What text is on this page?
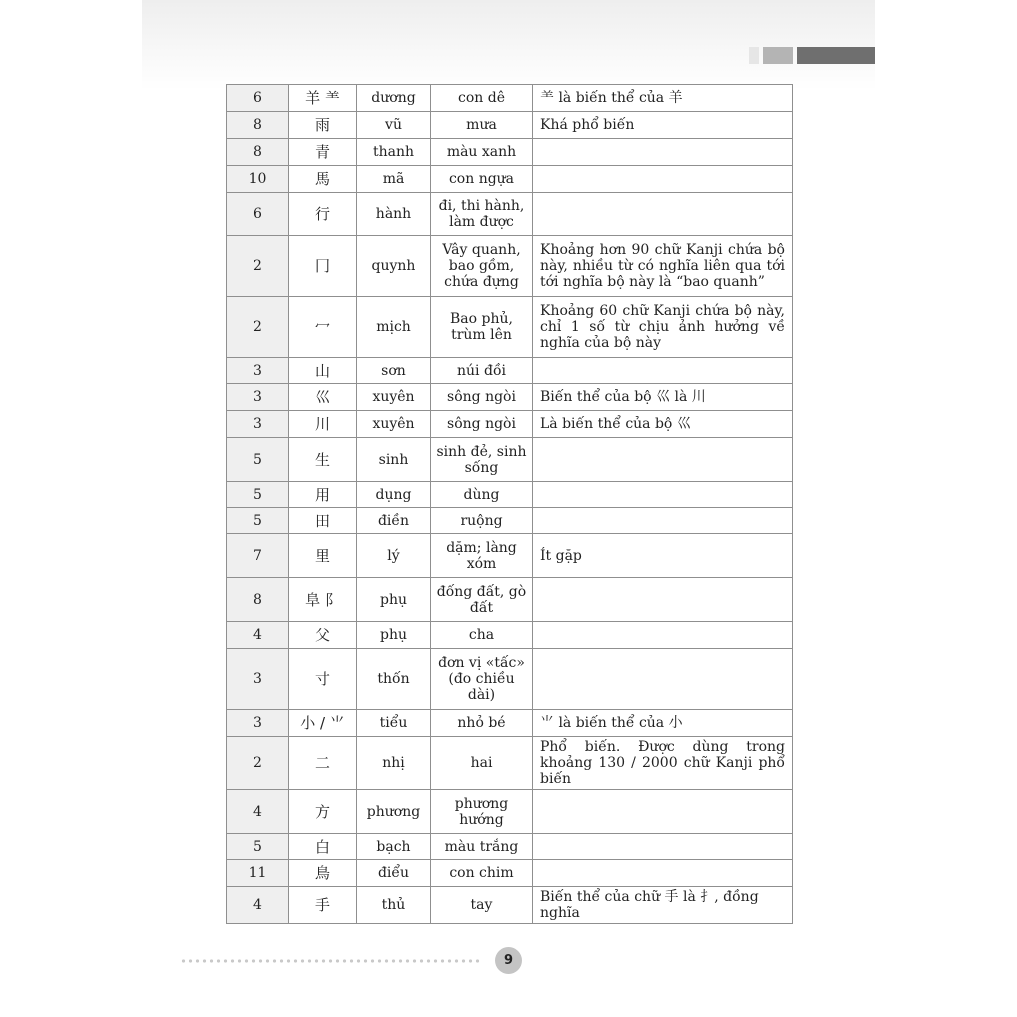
6	羊 ⺷	dương	con dê	⺷ là biến thể của 羊
8	雨	vũ	mưa	Khá phổ biến
8	青	thanh	màu xanh	
10	馬	mã	con ngựa	
6	行	hành	đi, thi hành, làm được	
2	冂	quynh	Vây quanh, bao gồm, chứa đựng	Khoảng hơn 90 chữ Kanji chứa bộ này, nhiều từ có nghĩa liên qua tới tới nghĩa bộ này là “bao quanh”
2	冖	mịch	Bao phủ, trùm lên	Khoảng 60 chữ Kanji chứa bộ này, chỉ 1 số từ chịu ảnh hưởng về nghĩa của bộ này
3	山	sơn	núi đồi	
3	巛	xuyên	sông ngòi	Biến thể của bộ 巛 là 川
3	川	xuyên	sông ngòi	Là biến thể của bộ 巛
5	生	sinh	sinh đẻ, sinh sống	
5	用	dụng	dùng	
5	田	điền	ruộng	
7	里	lý	dặm; làng xóm	Ít gặp
8	阜 阝	phụ	đống đất, gò đất	
4	父	phụ	cha	
3	寸	thốn	đơn vị «tấc» (đo chiều dài)	
3	小 / ⺌	tiểu	nhỏ bé	⺌ là biến thể của 小
2	二	nhị	hai	Phổ biến. Được dùng trong khoảng 130 / 2000 chữ Kanji phổ biến
4	方	phương	phương hướng	
5	白	bạch	màu trắng	
11	鳥	điểu	con chim	
4	手	thủ	tay	Biến thể của chữ 手 là 扌, đồng nghĩa
9
